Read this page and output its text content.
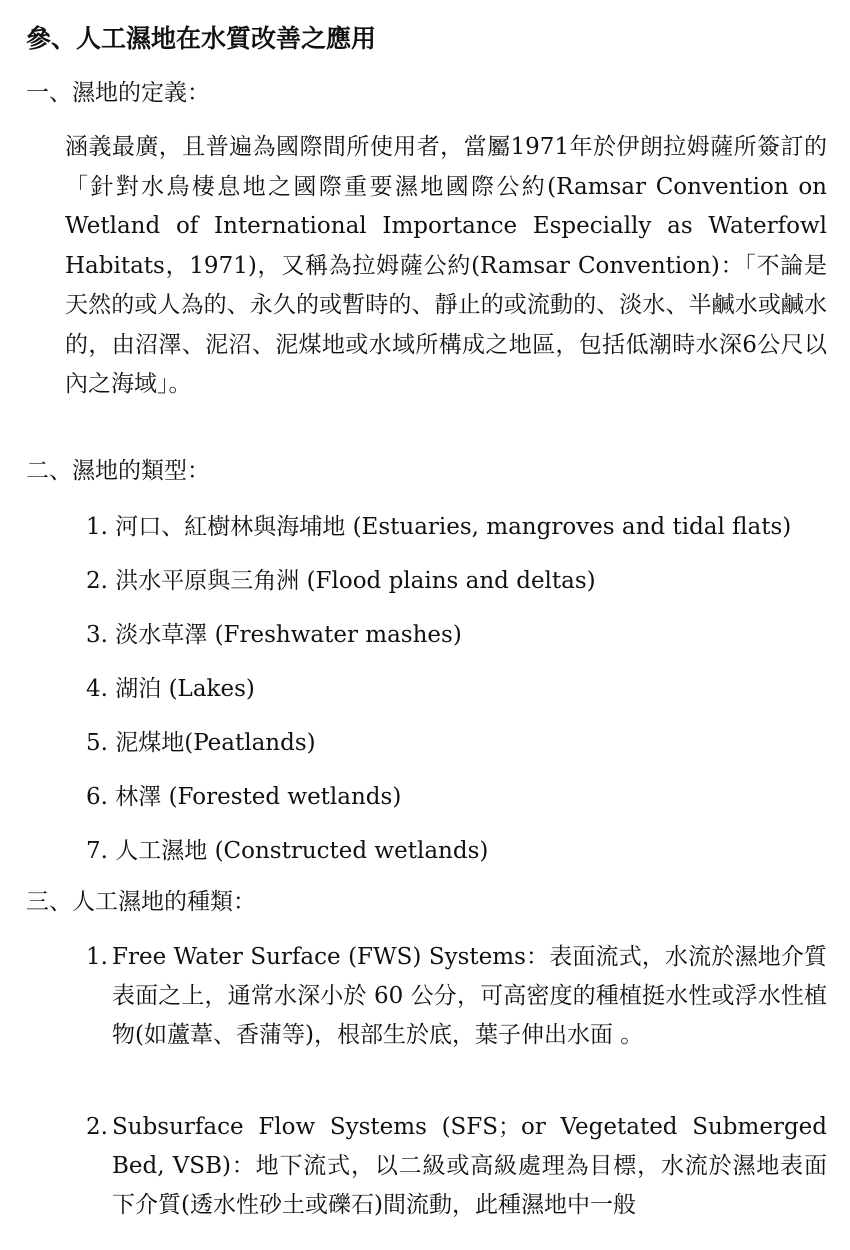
參、人工濕地在水質改善之應用
一、濕地的定義：
涵義最廣，且普遍為國際間所使用者，當屬1971年於伊朗拉姆薩所簽訂的「針對水鳥棲息地之國際重要濕地國際公約(Ramsar Convention on Wetland of International Importance Especially as Waterfowl Habitats，1971)，又稱為拉姆薩公約(Ramsar Convention)：「不論是天然的或人為的、永久的或暫時的、靜止的或流動的、淡水、半鹹水或鹹水的，由沼澤、泥沼、泥煤地或水域所構成之地區，包括低潮時水深6公尺以內之海域」。
二、濕地的類型：
1. 河口、紅樹林與海埔地 (Estuaries, mangroves and tidal flats)
2. 洪水平原與三角洲 (Flood plains and deltas)
3. 淡水草澤 (Freshwater mashes)
4. 湖泊 (Lakes)
5. 泥煤地(Peatlands)
6. 林澤 (Forested wetlands)
7. 人工濕地 (Constructed wetlands)
三、人工濕地的種類：
1. Free Water Surface (FWS) Systems：表面流式，水流於濕地介質表面之上，通常水深小於 60 公分，可高密度的種植挺水性或浮水性植物(如蘆葦、香蒲等)，根部生於底，葉子伸出水面 。
2. Subsurface Flow Systems (SFS；or Vegetated Submerged Bed, VSB)：地下流式，以二級或高級處理為目標，水流於濕地表面下介質(透水性砂土或礫石)間流動，此種濕地中一般
